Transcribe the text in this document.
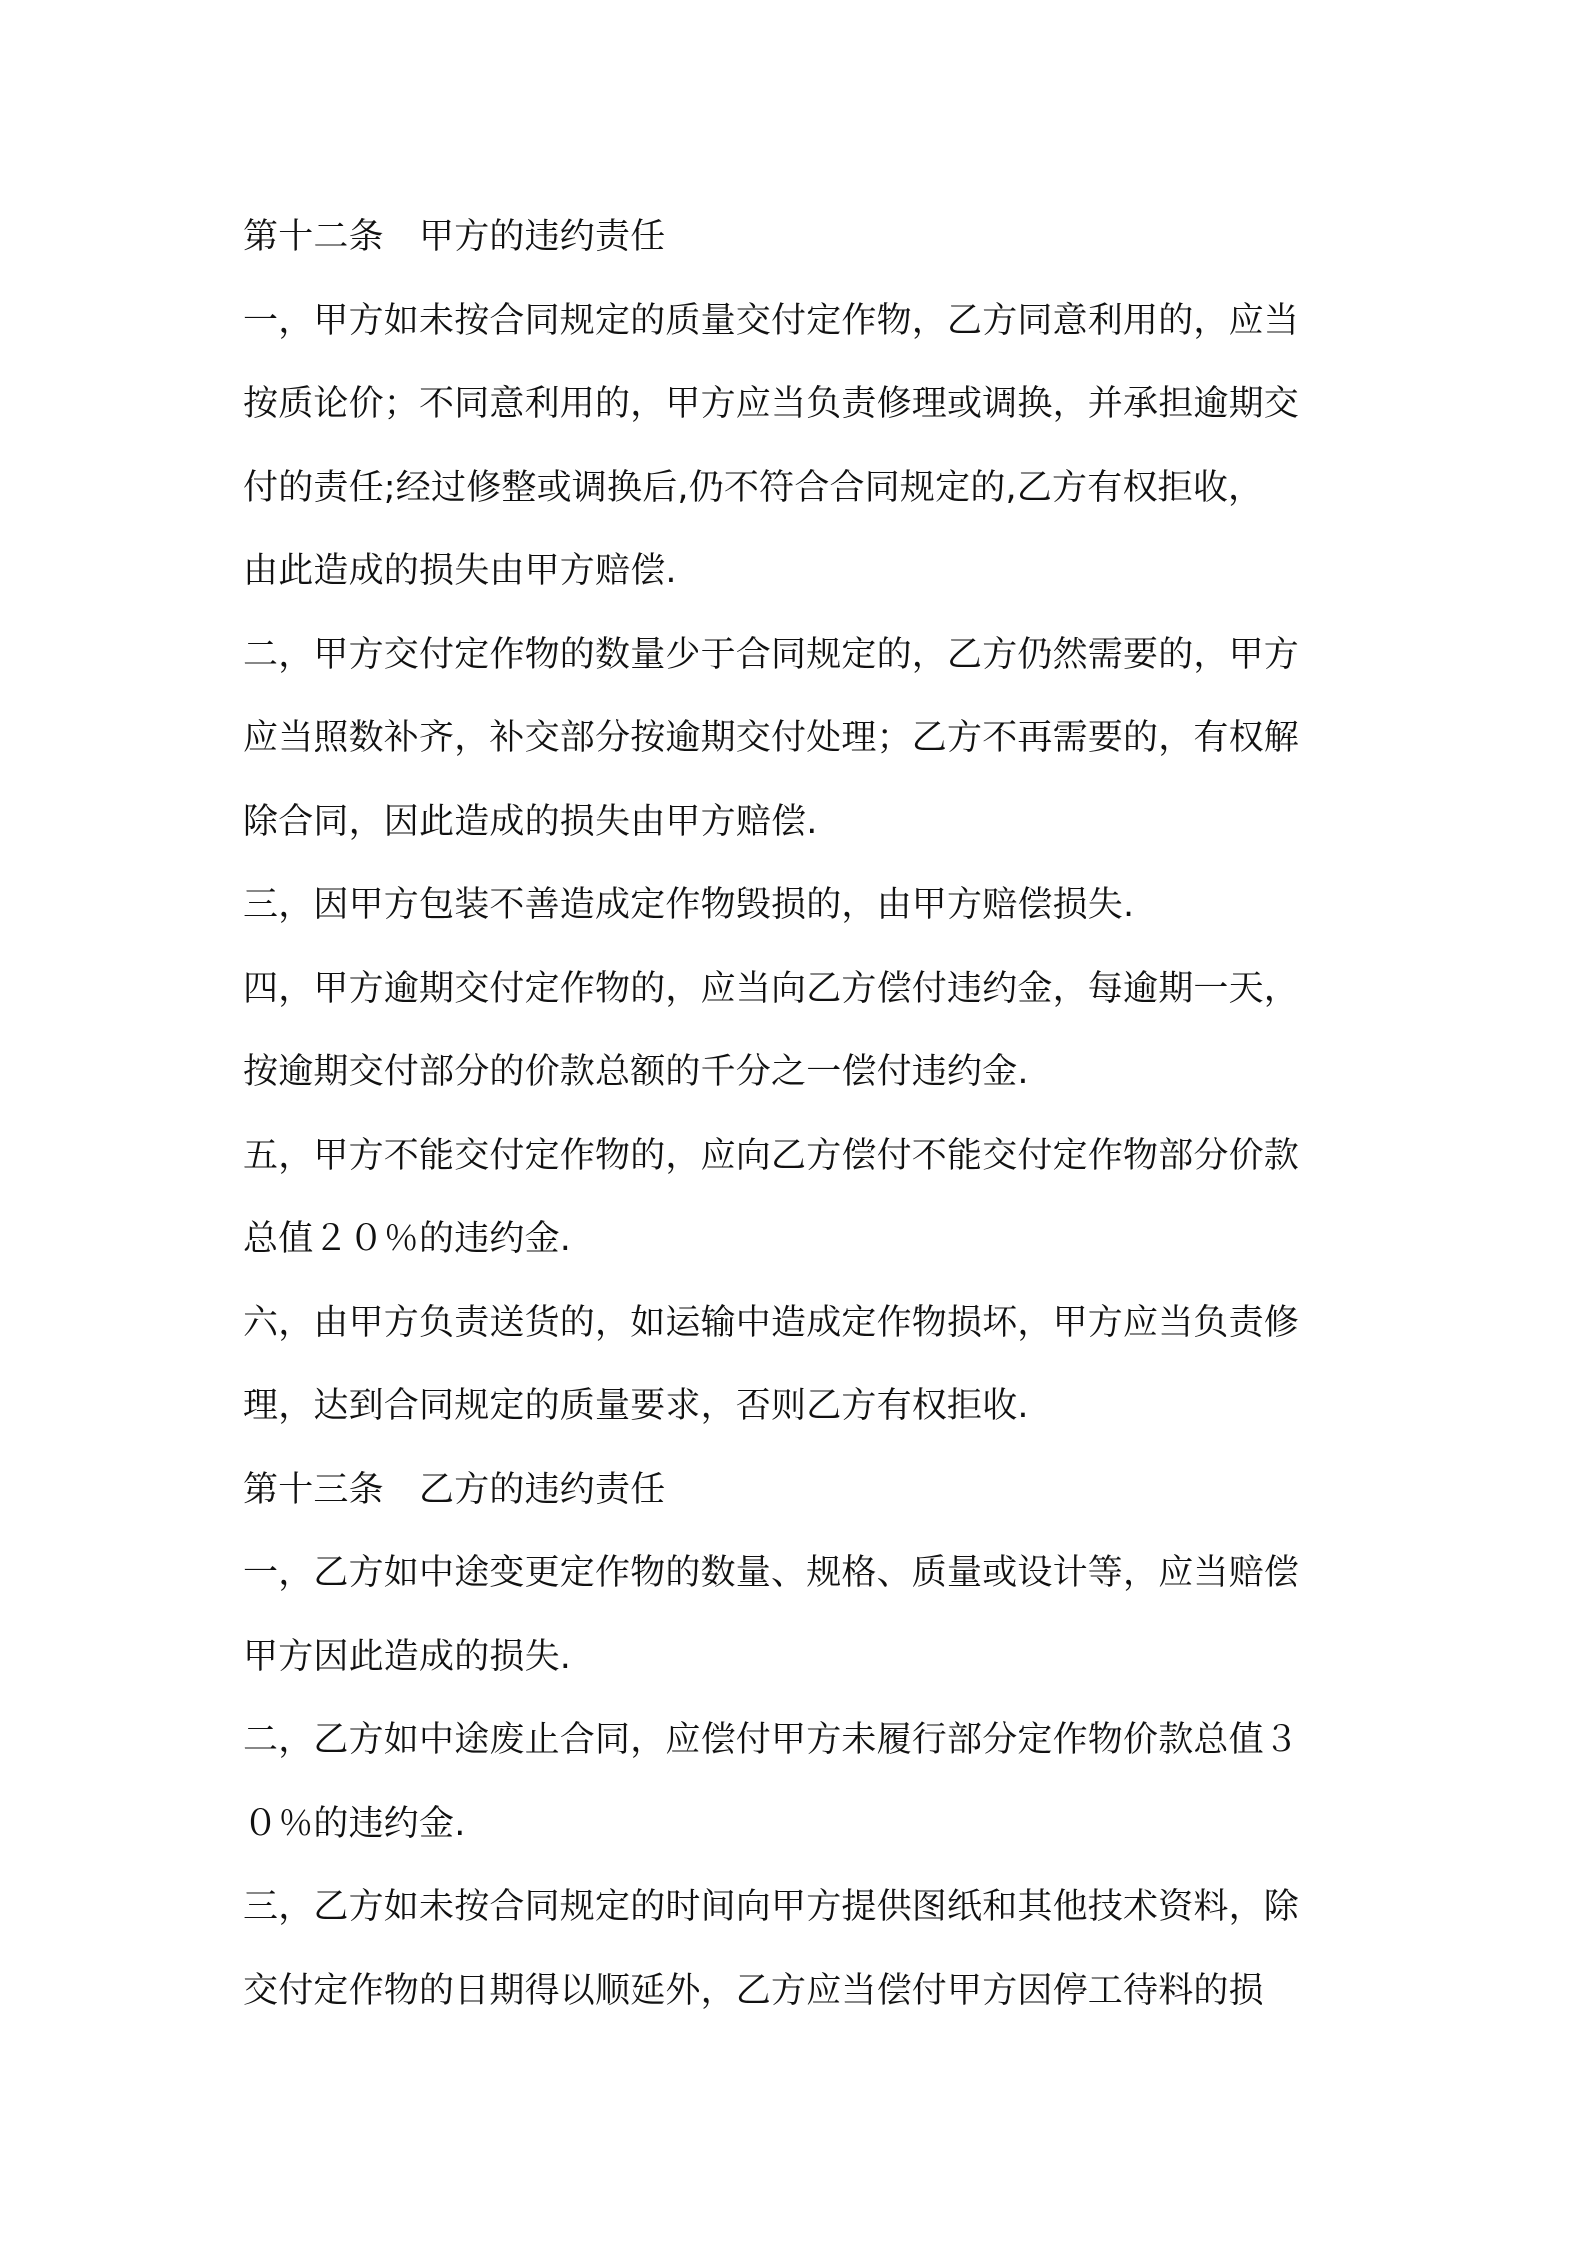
第十二条　甲方的违约责任
一，甲方如未按合同规定的质量交付定作物，乙方同意利用的，应当
按质论价；不同意利用的，甲方应当负责修理或调换，并承担逾期交
付的责任;经过修整或调换后,仍不符合合同规定的,乙方有权拒收，
由此造成的损失由甲方赔偿.
二，甲方交付定作物的数量少于合同规定的，乙方仍然需要的，甲方
应当照数补齐，补交部分按逾期交付处理；乙方不再需要的，有权解
除合同，因此造成的损失由甲方赔偿.
三，因甲方包装不善造成定作物毁损的，由甲方赔偿损失.
四，甲方逾期交付定作物的，应当向乙方偿付违约金，每逾期一天，
按逾期交付部分的价款总额的千分之一偿付违约金.
五，甲方不能交付定作物的，应向乙方偿付不能交付定作物部分价款
总值２０％的违约金.
六，由甲方负责送货的，如运输中造成定作物损坏，甲方应当负责修
理，达到合同规定的质量要求，否则乙方有权拒收.
第十三条　乙方的违约责任
一，乙方如中途变更定作物的数量、规格、质量或设计等，应当赔偿
甲方因此造成的损失.
二，乙方如中途废止合同，应偿付甲方未履行部分定作物价款总值３
０％的违约金.
三，乙方如未按合同规定的时间向甲方提供图纸和其他技术资料，除
交付定作物的日期得以顺延外，乙方应当偿付甲方因停工待料的损
